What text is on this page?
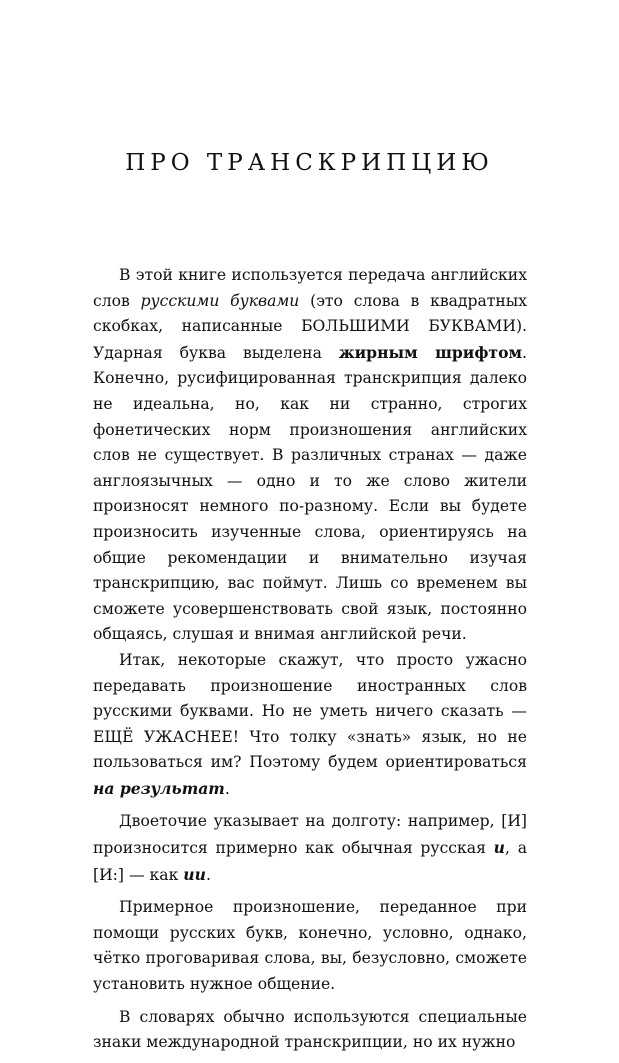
ПРО ТРАНСКРИПЦИЮ

В этой книге используется передача английских слов русскими буквами (это слова в квадратных скобках, написанные БОЛЬШИМИ БУКВАМИ). Ударная буква выделена жирным шрифтом. Конечно, русифицированная транскрипция далеко не идеальна, но, как ни странно, строгих фонетических норм произношения английских слов не существует. В различных странах — даже англоязычных — одно и то же слово жители произносят немного по-разному. Если вы будете произносить изученные слова, ориентируясь на общие рекомендации и внимательно изучая транскрипцию, вас поймут. Лишь со временем вы сможете усовершенствовать свой язык, постоянно общаясь, слушая и внимая английской речи.

Итак, некоторые скажут, что просто ужасно передавать произношение иностранных слов русскими буквами. Но не уметь ничего сказать — ЕЩЁ УЖАСНЕЕ! Что толку «знать» язык, но не пользоваться им? Поэтому будем ориентироваться на результат.

Двоеточие указывает на долготу: например, [И] произносится примерно как обычная русская и, а [И:] — как ии.

Примерное произношение, переданное при помощи русских букв, конечно, условно, однако, чётко проговаривая слова, вы, безусловно, сможете установить нужное общение.

В словарях обычно используются специальные знаки международной транскрипции, но их нужно
